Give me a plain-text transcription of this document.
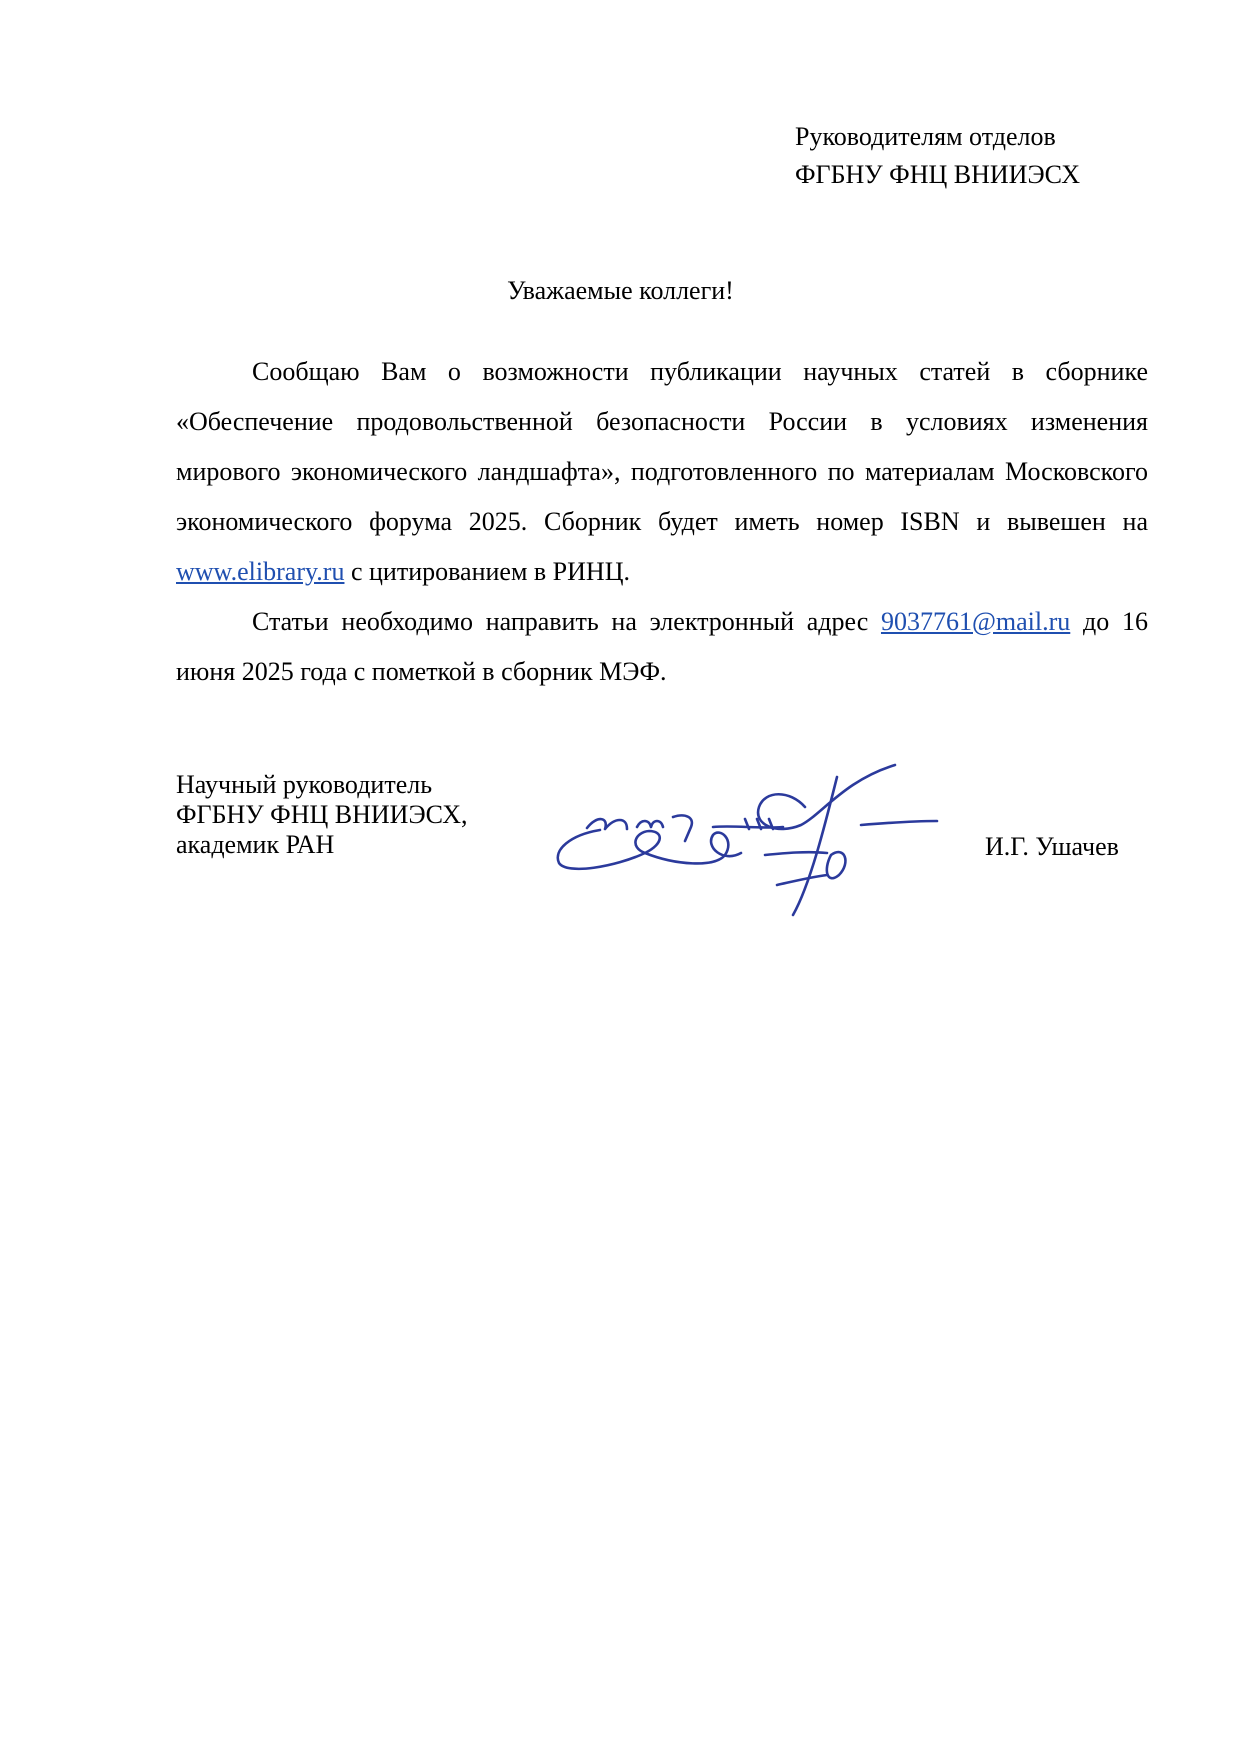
Руководителям отделов
ФГБНУ ФНЦ ВНИИЭСХ
Уважаемые коллеги!

Сообщаю Вам о возможности публикации научных статей в сборнике «Обеспечение продовольственной безопасности России в условиях изменения мирового экономического ландшафта», подготовленного по материалам Московского экономического форума 2025. Сборник будет иметь номер ISBN и вывешен на www.elibrary.ru с цитированием в РИНЦ.

Статьи необходимо направить на электронный адрес 9037761@mail.ru до 16 июня 2025 года с пометкой в сборник МЭФ.

Научный руководитель
ФГБНУ ФНЦ ВНИИЭСХ,
академик РАН	И.Г. Ушачев
